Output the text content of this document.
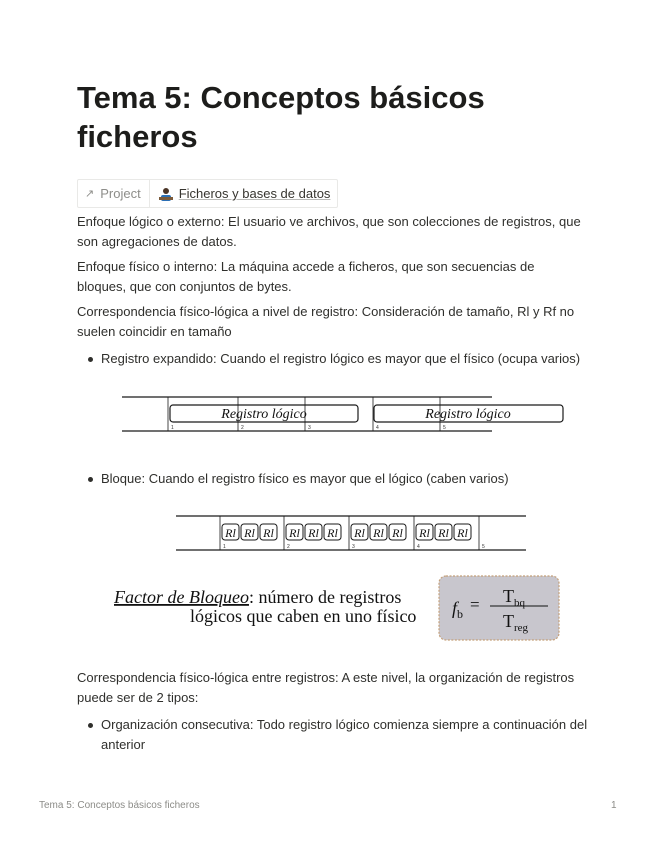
Tema 5: Conceptos básicos ficheros
↗ Project	Ficheros y bases de datos

Enfoque lógico o externo: El usuario ve archivos, que son colecciones de registros, que son agregaciones de datos.

Enfoque físico o interno: La máquina accede a ficheros, que son secuencias de bloques, que con conjuntos de bytes.

Correspondencia físico-lógica a nivel de registro: Consideración de tamaño, Rl y Rf no suelen coincidir en tamaño

Registro expandido: Cuando el registro lógico es mayor que el físico (ocupa varios)

Registro lógico	Registro lógico
1	2	3	4	5

Bloque: Cuando el registro físico es mayor que el lógico (caben varios)

Rl Rl Rl Rl Rl Rl Rl Rl Rl Rl Rl Rl
1	2	3	4	5
Factor de Bloqueo: número de registros
lógicos que caben en uno físico $f_b = T_{bq}$
$T_{reg}$

Correspondencia físico-lógica entre registros: A este nivel, la organización de registros puede ser de 2 tipos:

Organización consecutiva: Todo registro lógico comienza siempre a continuación del anterior

Tema 5: Conceptos básicos ficheros	1
